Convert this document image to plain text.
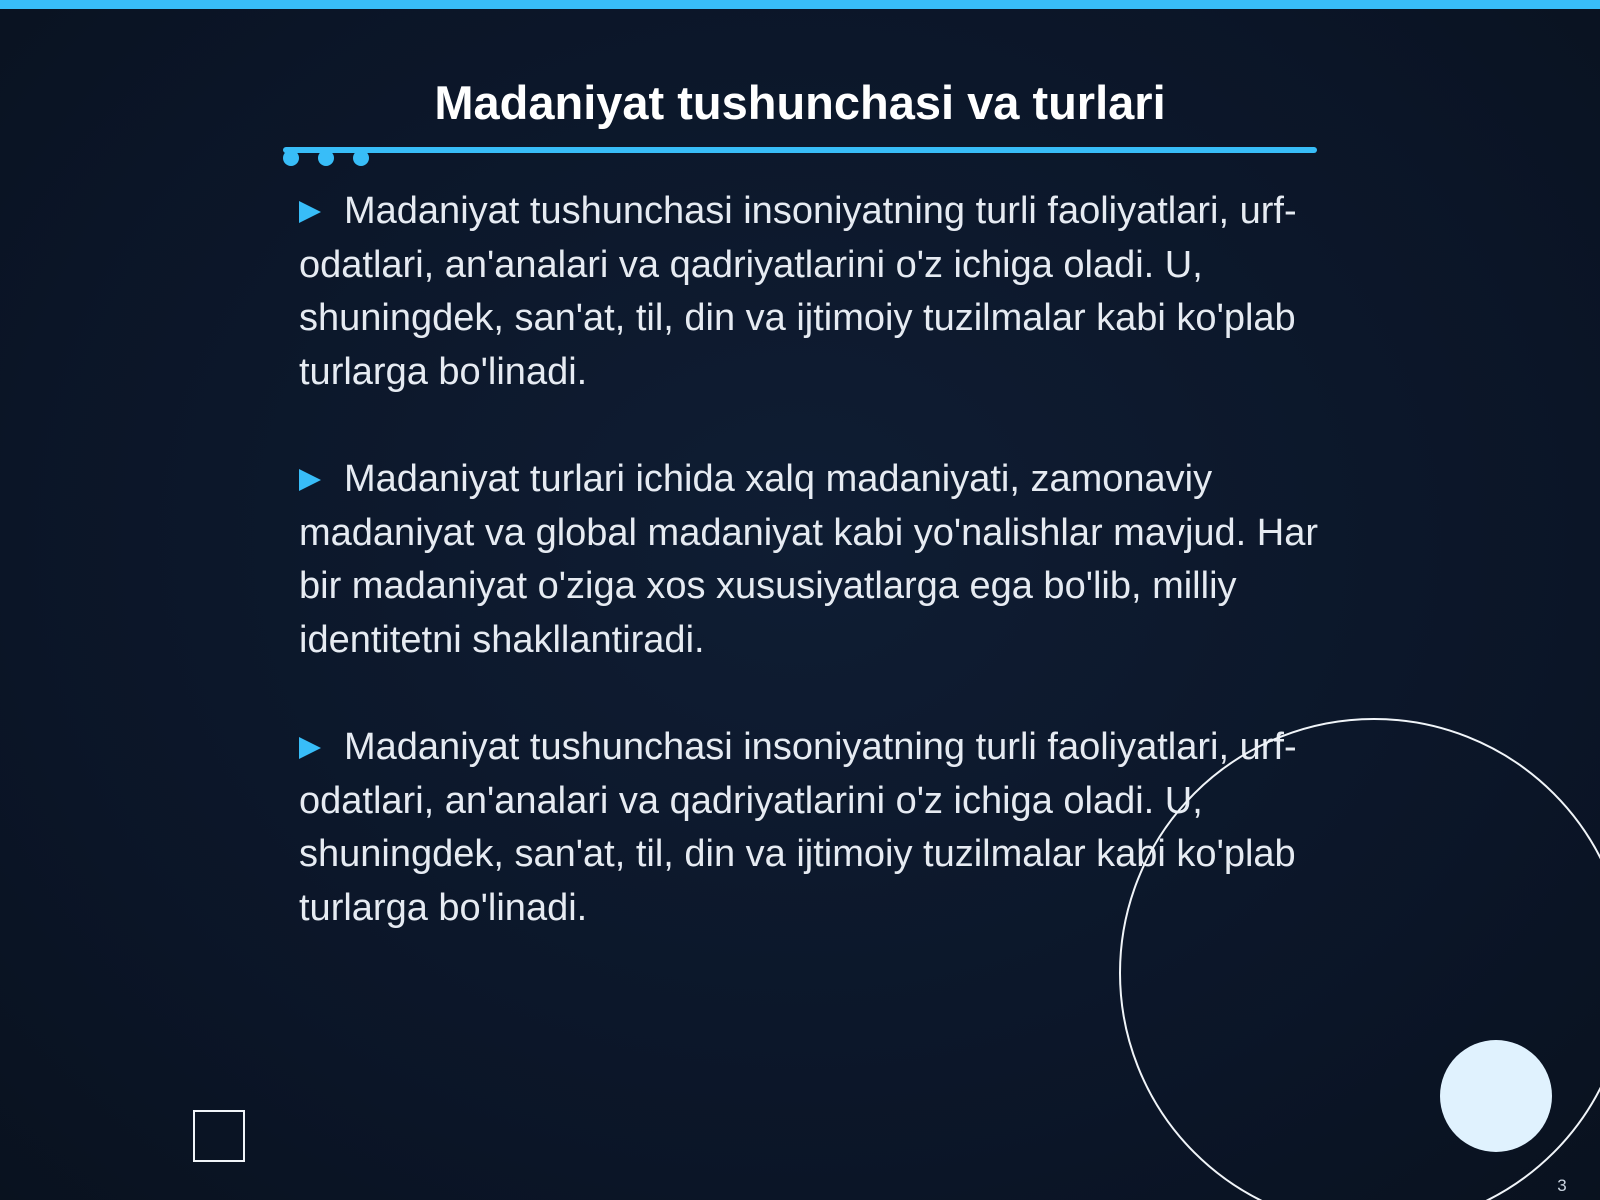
Madaniyat tushunchasi va turlari

Madaniyat tushunchasi insoniyatning turli faoliyatlari, urf-odatlari, an'analari va qadriyatlarini o'z ichiga oladi. U, shuningdek, san'at, til, din va ijtimoiy tuzilmalar kabi ko'plab turlarga bo'linadi.

Madaniyat turlari ichida xalq madaniyati, zamonaviy madaniyat va global madaniyat kabi yo'nalishlar mavjud. Har bir madaniyat o'ziga xos xususiyatlarga ega bo'lib, milliy identitetni shakllantiradi.

Madaniyat tushunchasi insoniyatning turli faoliyatlari, urf-odatlari, an'analari va qadriyatlarini o'z ichiga oladi. U, shuningdek, san'at, til, din va ijtimoiy tuzilmalar kabi ko'plab turlarga bo'linadi.

3
